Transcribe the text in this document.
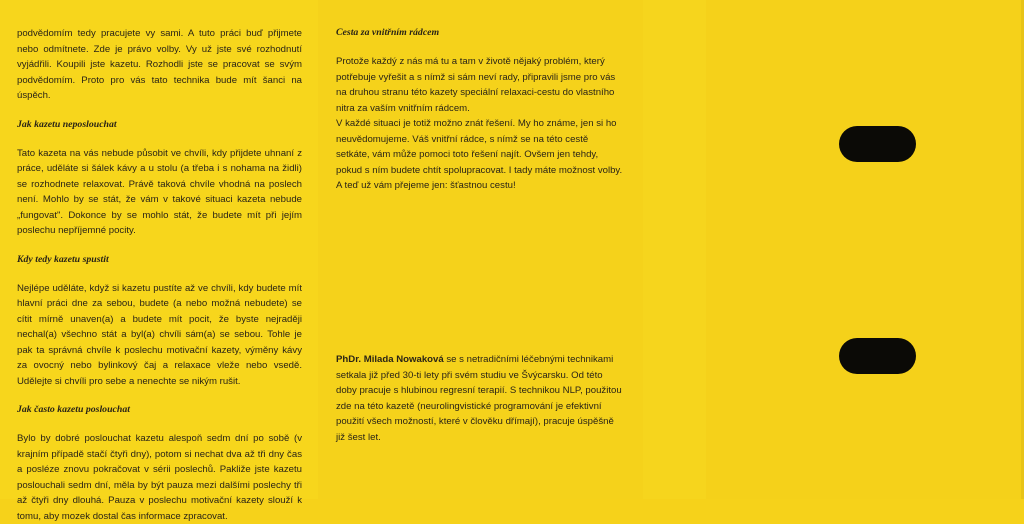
podvědomím tedy pracujete vy sami. A tuto práci buď přijmete nebo odmítnete. Zde je právo volby. Vy už jste své rozhodnutí vyjádřili. Koupili jste kazetu. Rozhodli jste se pracovat se svým podvědomím. Proto pro vás tato technika bude mít šanci na úspěch.

Jak kazetu neposlouchat

Tato kazeta na vás nebude působit ve chvíli, kdy přijdete uhnaní z práce, uděláte si šálek kávy a u stolu (a třeba i s nohama na židli) se rozhodnete relaxovat. Právě taková chvíle vhodná na poslech není. Mohlo by se stát, že vám v takové situaci kazeta nebude „fungovat". Dokonce by se mohlo stát, že budete mít při jejím poslechu nepříjemné pocity.

Kdy tedy kazetu spustit

Nejlépe uděláte, když si kazetu pustíte až ve chvíli, kdy budete mít hlavní práci dne za sebou, budete (a nebo možná nebudete) se cítit mírně unaven(a) a budete mít pocit, že byste nejraději nechal(a) všechno stát a byl(a) chvíli sám(a) se sebou. Tohle je pak ta správná chvíle k poslechu motivační kazety, výměny kávy za ovocný nebo bylinkový čaj a relaxace vleže nebo vsedě. Udělejte si chvíli pro sebe a nenechte se nikým rušit.

Jak často kazetu poslouchat

Bylo by dobré poslouchat kazetu alespoň sedm dní po sobě (v krajním případě stačí čtyři dny), potom si nechat dva až tři dny čas a posléze znovu pokračovat v sérii poslechů. Pakliže jste kazetu poslouchali sedm dní, měla by být pauza mezi dalšími poslechy tři až čtyři dny dlouhá. Pauza v poslechu motivační kazety slouží k tomu, aby mozek dostal čas informace zpracovat.

Cesta za vnitřním rádcem

Protože každý z nás má tu a tam v životě nějaký problém, který potřebuje vyřešit a s nímž si sám neví rady, připravili jsme pro vás na druhou stranu této kazety speciální relaxaci-cestu do vlastního nitra za vaším vnitřním rádcem.

V každé situaci je totiž možno znát řešení. My ho známe, jen si ho neuvědomujeme. Váš vnitřní rádce, s nímž se na této cestě setkáte, vám může pomoci toto řešení najít. Ovšem jen tehdy, pokud s ním budete chtít spolupracovat. I tady máte možnost volby.

A teď už vám přejeme jen: šťastnou cestu!

PhDr. Milada Nowaková se s netradičními léčebnými technikami setkala již před 30-ti lety při svém studiu ve Švýcarsku. Od této doby pracuje s hlubinou regresní terapií. S technikou NLP, použitou zde na této kazetě (neurolingvistické programování je efektivní použití všech možností, které v člověku dřímají), pracuje úspěšně již šest let.
